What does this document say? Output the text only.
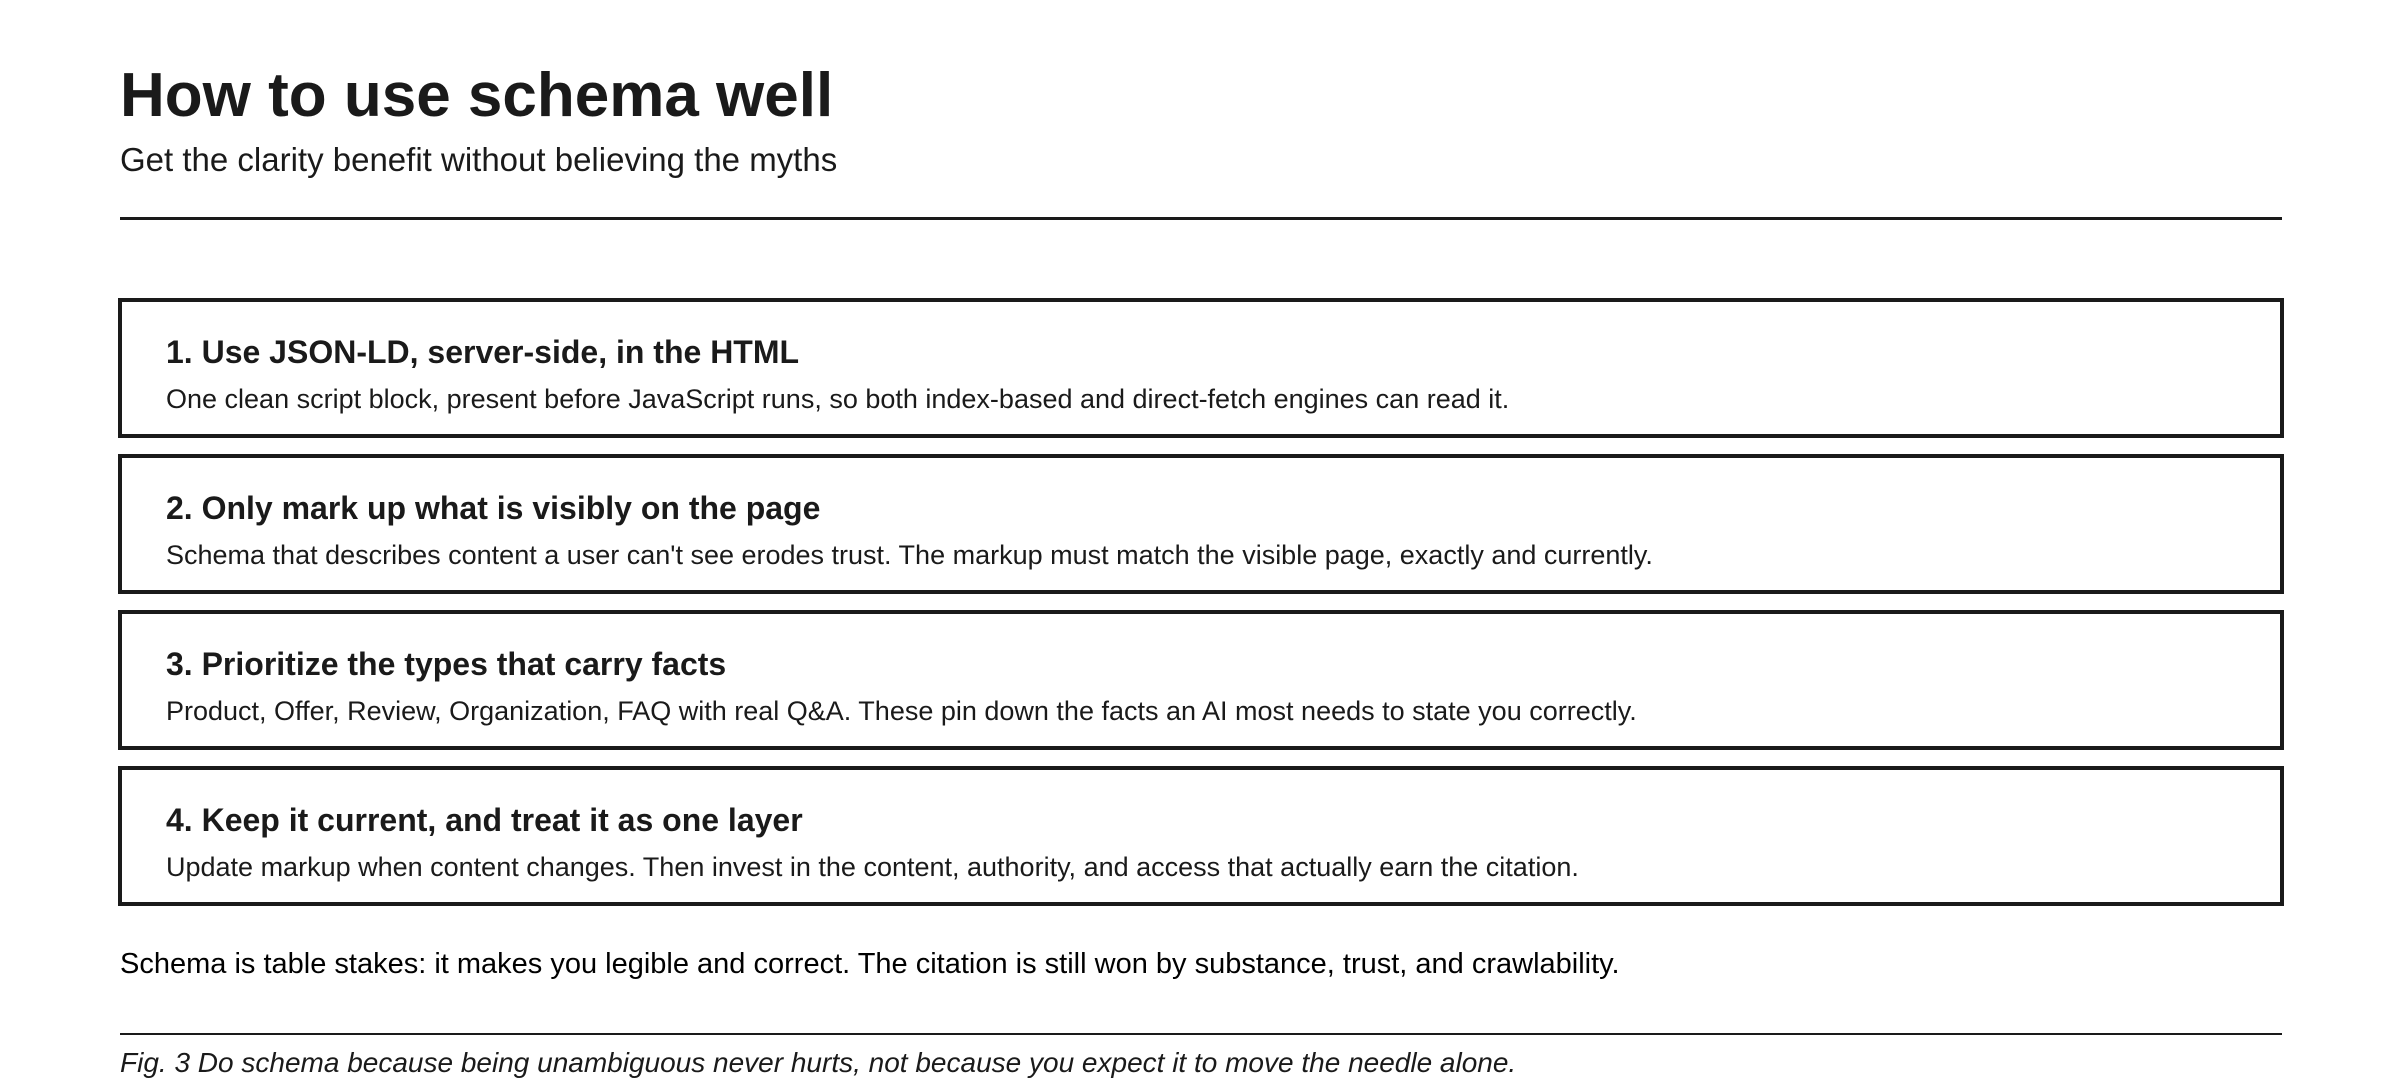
How to use schema well

Get the clarity benefit without believing the myths

1. Use JSON-LD, server-side, in the HTML

One clean script block, present before JavaScript runs, so both index-based and direct-fetch engines can read it.

2. Only mark up what is visibly on the page

Schema that describes content a user can't see erodes trust. The markup must match the visible page, exactly and currently.

3. Prioritize the types that carry facts

Product, Offer, Review, Organization, FAQ with real Q&A. These pin down the facts an AI most needs to state you correctly.

4. Keep it current, and treat it as one layer

Update markup when content changes. Then invest in the content, authority, and access that actually earn the citation.

Schema is table stakes: it makes you legible and correct. The citation is still won by substance, trust, and crawlability.
Fig. 3 Do schema because being unambiguous never hurts, not because you expect it to move the needle alone.
